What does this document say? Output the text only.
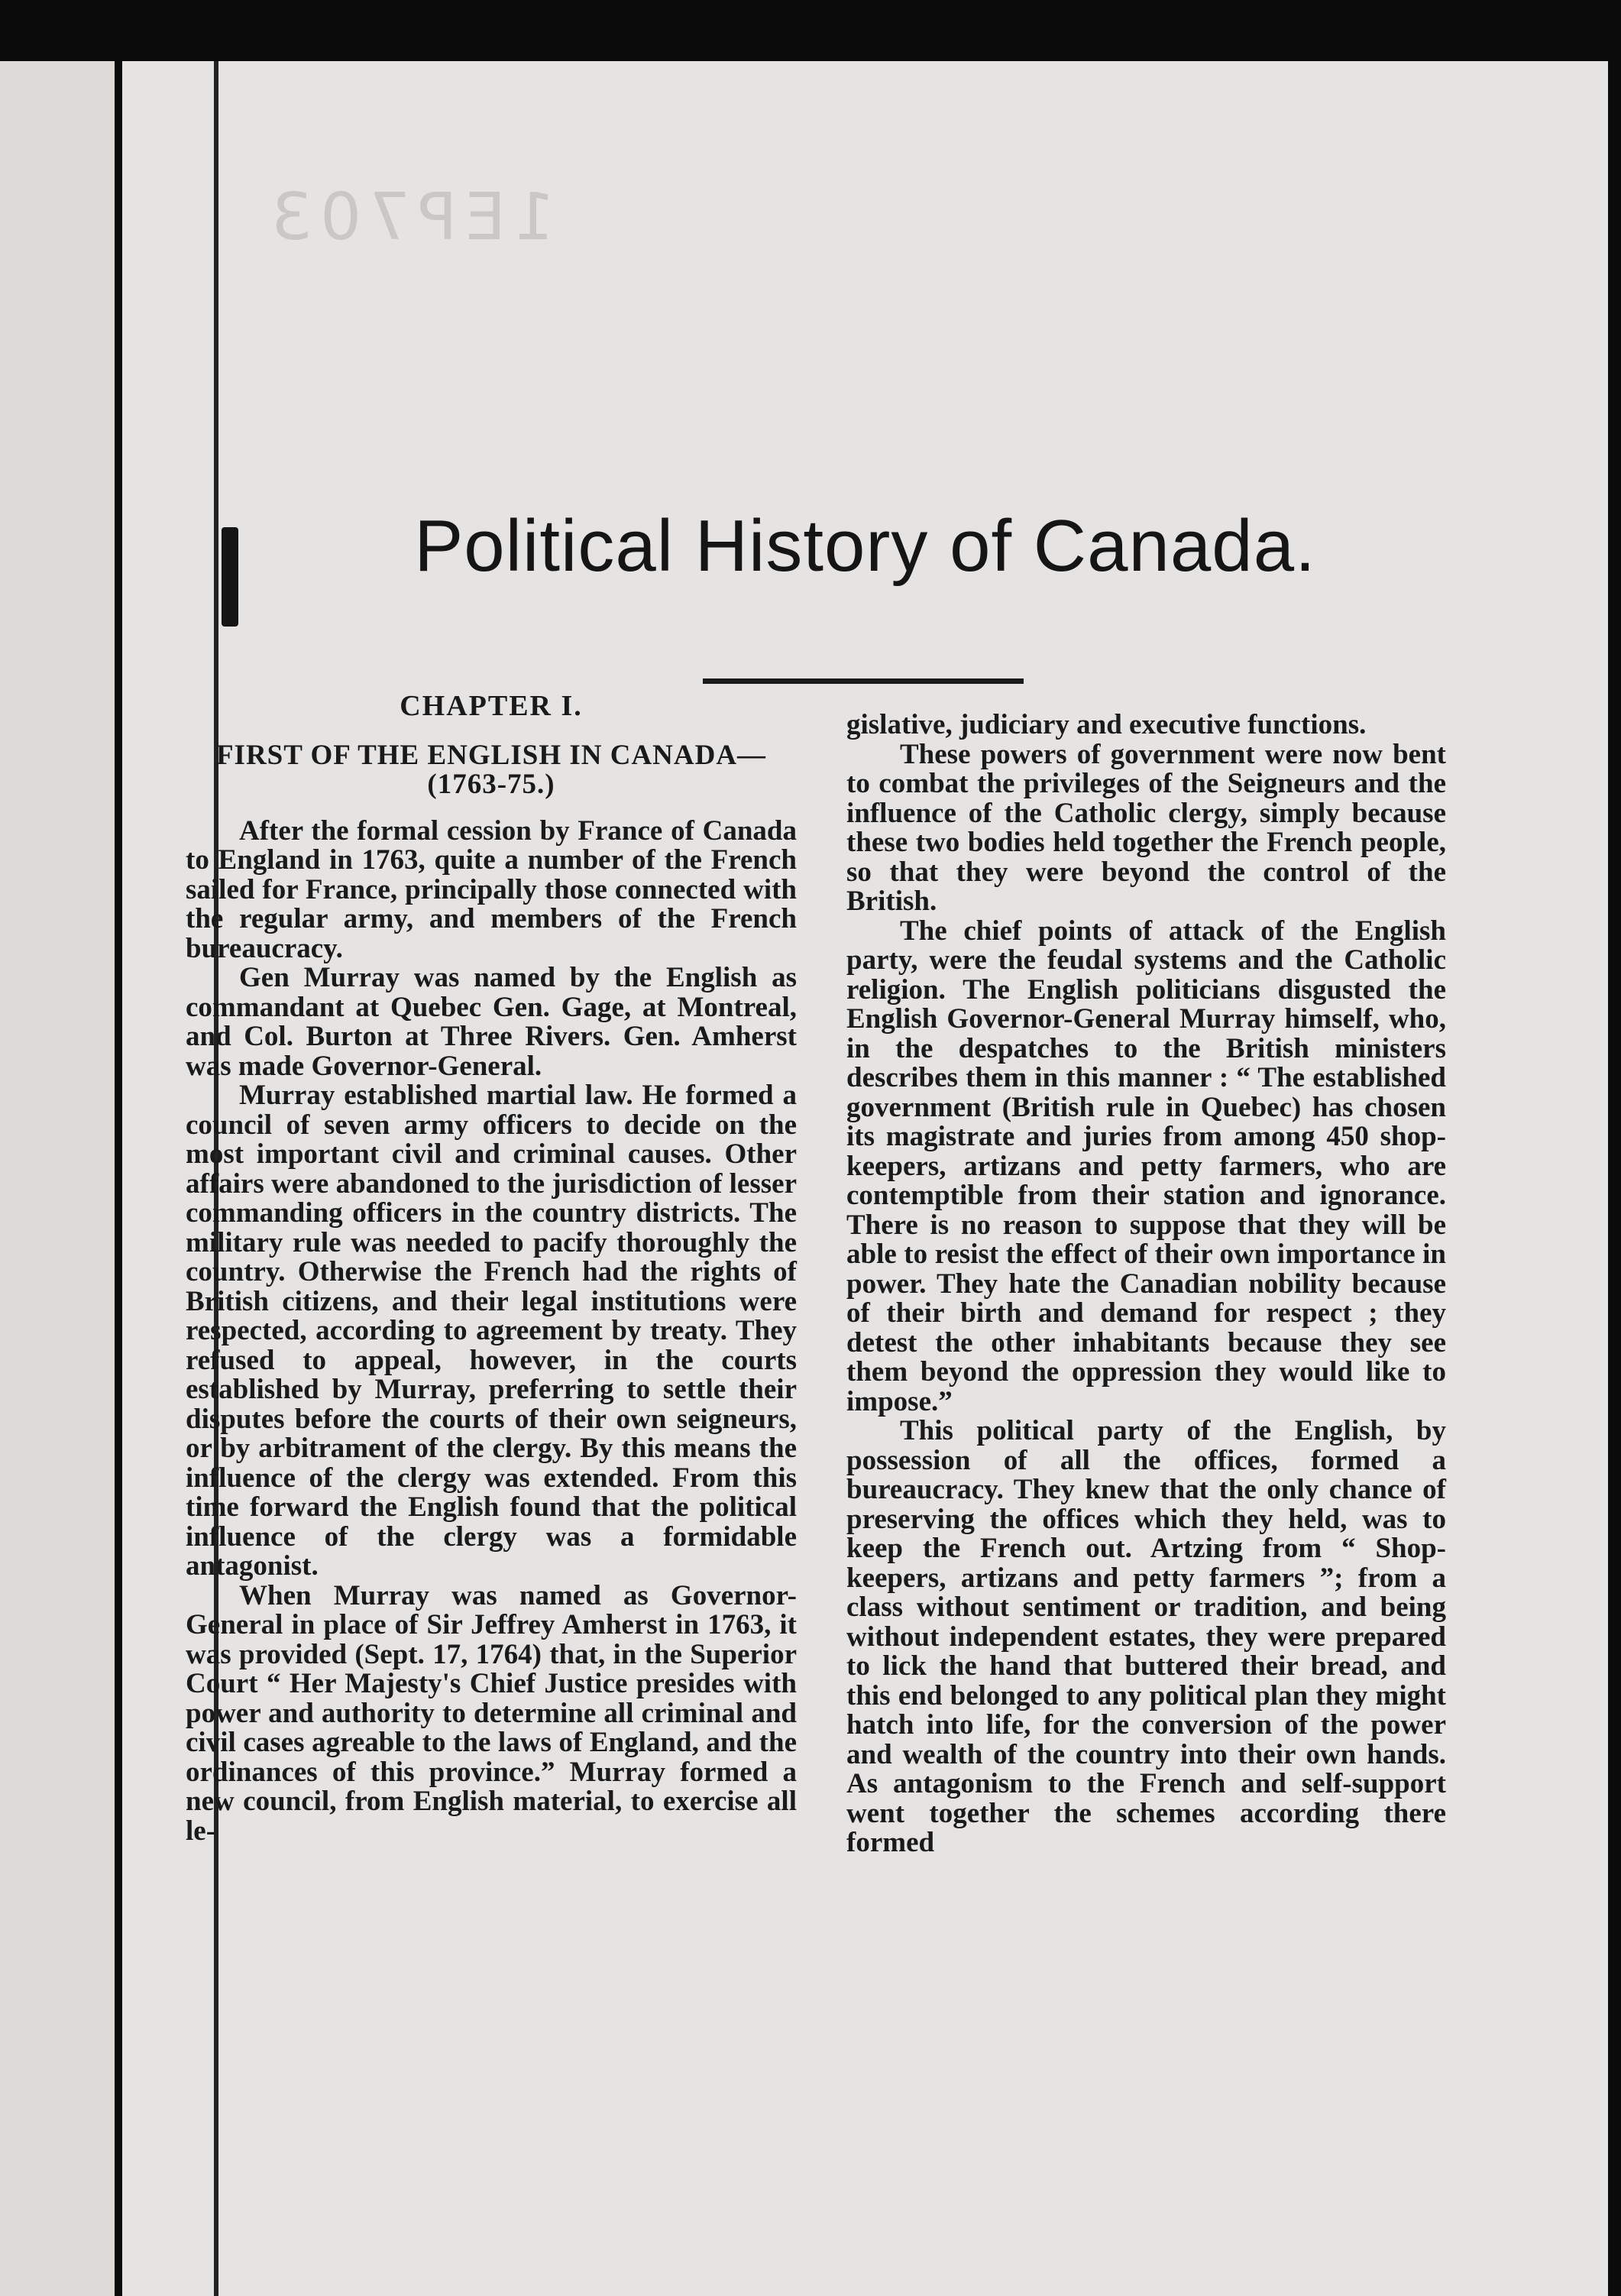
1EP703
Political History of Canada.
CHAPTER I.
FIRST OF THE ENGLISH IN CANADA—(1763-75.)

After the formal cession by France of Canada to England in 1763, quite a number of the French sailed for France, principally those connected with the regular army, and members of the French bureaucracy.

Gen Murray was named by the English as commandant at Quebec Gen. Gage, at Montreal, and Col. Burton at Three Rivers. Gen. Amherst was made Governor-General.

Murray established martial law. He formed a council of seven army officers to decide on the most important civil and criminal causes. Other affairs were abandoned to the jurisdiction of lesser commanding officers in the country districts. The military rule was needed to pacify thoroughly the country. Otherwise the French had the rights of British citizens, and their legal institutions were respected, according to agreement by treaty. They refused to appeal, however, in the courts established by Murray, preferring to settle their disputes before the courts of their own seigneurs, or by arbitrament of the clergy. By this means the influence of the clergy was extended. From this time forward the English found that the political influence of the clergy was a formidable antagonist.

When Murray was named as Governor-General in place of Sir Jeffrey Amherst in 1763, it was provided (Sept. 17, 1764) that, in the Superior Court “ Her Majesty's Chief Justice presides with power and authority to determine all criminal and civil cases agreable to the laws of England, and the ordinances of this province.” Murray formed a new council, from English material, to exercise all le-

gislative, judiciary and executive functions.

These powers of government were now bent to combat the privileges of the Seigneurs and the influence of the Catholic clergy, simply because these two bodies held together the French people, so that they were beyond the control of the British.

The chief points of attack of the English party, were the feudal systems and the Catholic religion. The English politicians disgusted the English Governor-General Murray himself, who, in the despatches to the British ministers describes them in this manner : “ The established government (British rule in Quebec) has chosen its magistrate and juries from among 450 shop-keepers, artizans and petty farmers, who are contemptible from their station and ignorance. There is no reason to suppose that they will be able to resist the effect of their own importance in power. They hate the Canadian nobility because of their birth and demand for respect ; they detest the other inhabitants because they see them beyond the oppression they would like to impose.”

This political party of the English, by possession of all the offices, formed a bureaucracy. They knew that the only chance of preserving the offices which they held, was to keep the French out. Artzing from “ Shop-keepers, artizans and petty farmers ”; from a class without sentiment or tradition, and being without independent estates, they were prepared to lick the hand that buttered their bread, and this end belonged to any political plan they might hatch into life, for the conversion of the power and wealth of the country into their own hands. As antagonism to the French and self-support went together the schemes according there formed
